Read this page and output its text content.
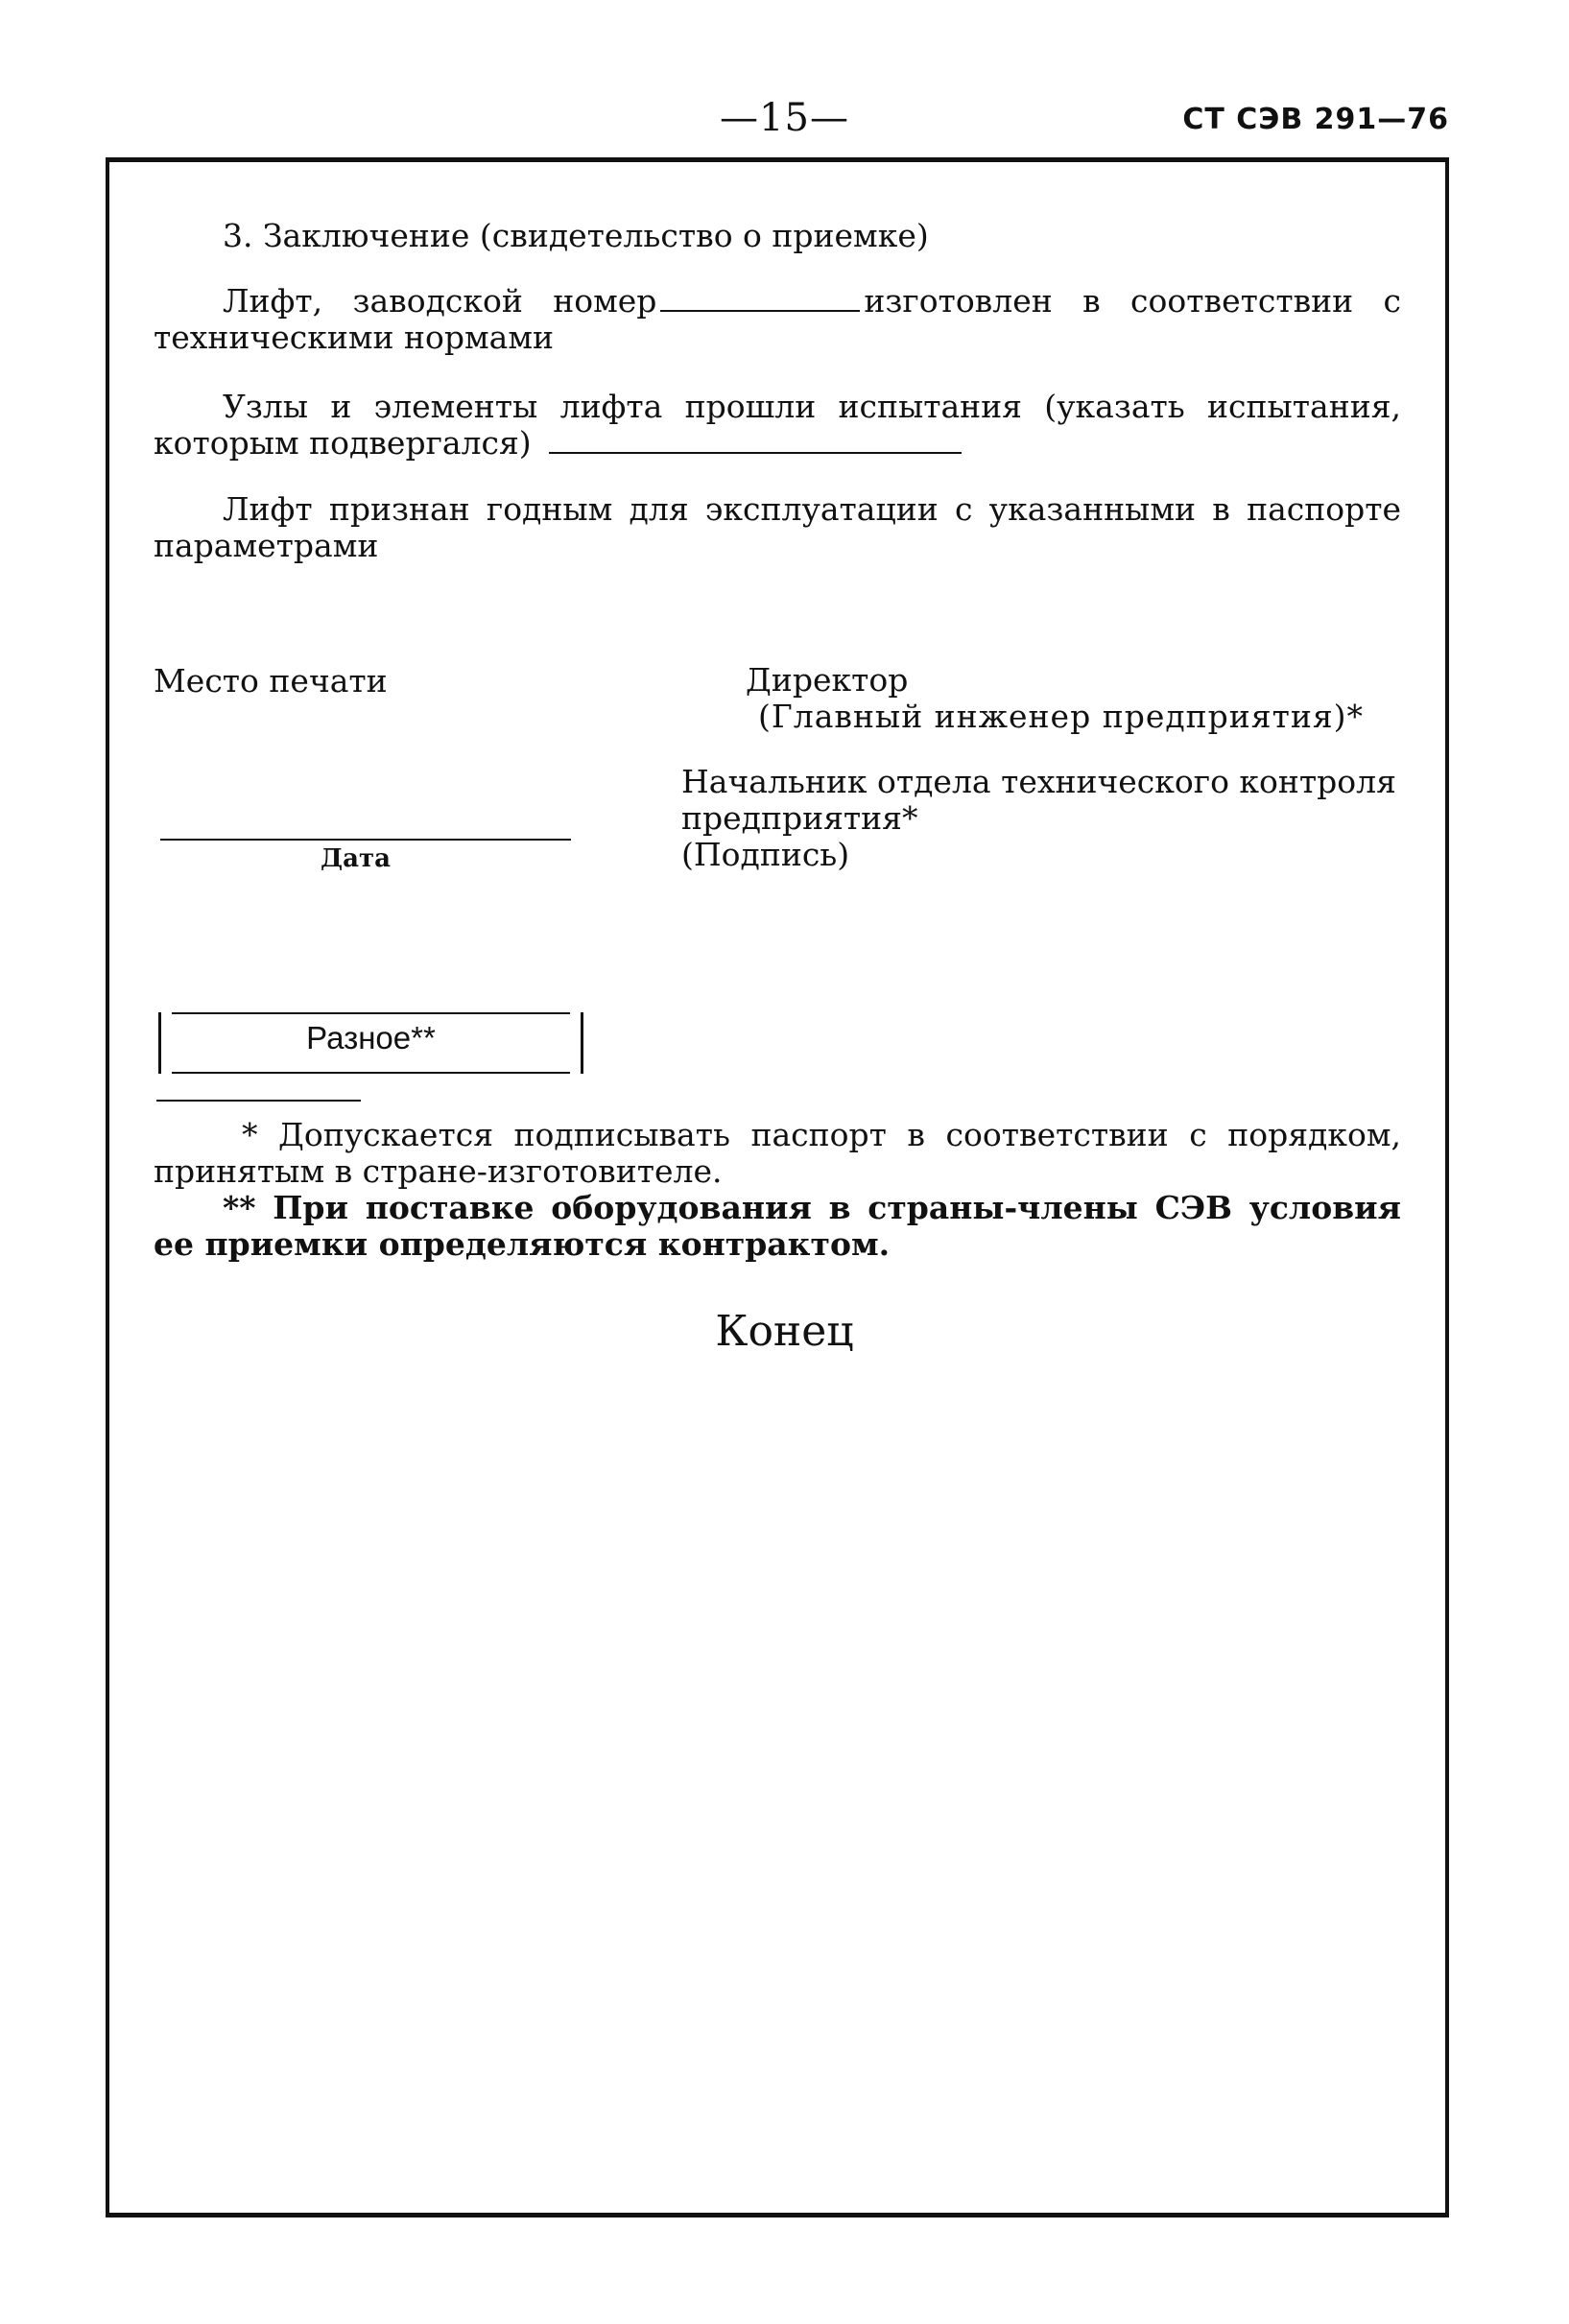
—15—	СТ СЭВ 291—76
3. Заключение (свидетельство о приемке)

Лифт, заводской номер	изготовлен в соответствии с техническими нормами

Узлы и элементы лифта прошли испытания (указать испытания, которым подвергался)

Лифт признан годным для эксплуатации с указанными в паспорте параметрами

Место печати	Директор
(Главный инженер предприятия)*
Начальник отдела технического контроля
предприятия*
(Подпись)
Дата
Разное**

* Допускается подписывать паспорт в соответствии с порядком, принятым в стране-изготовителе.

** При поставке оборудования в страны-члены СЭВ условия ее приемки определяются контрактом.

Конец
